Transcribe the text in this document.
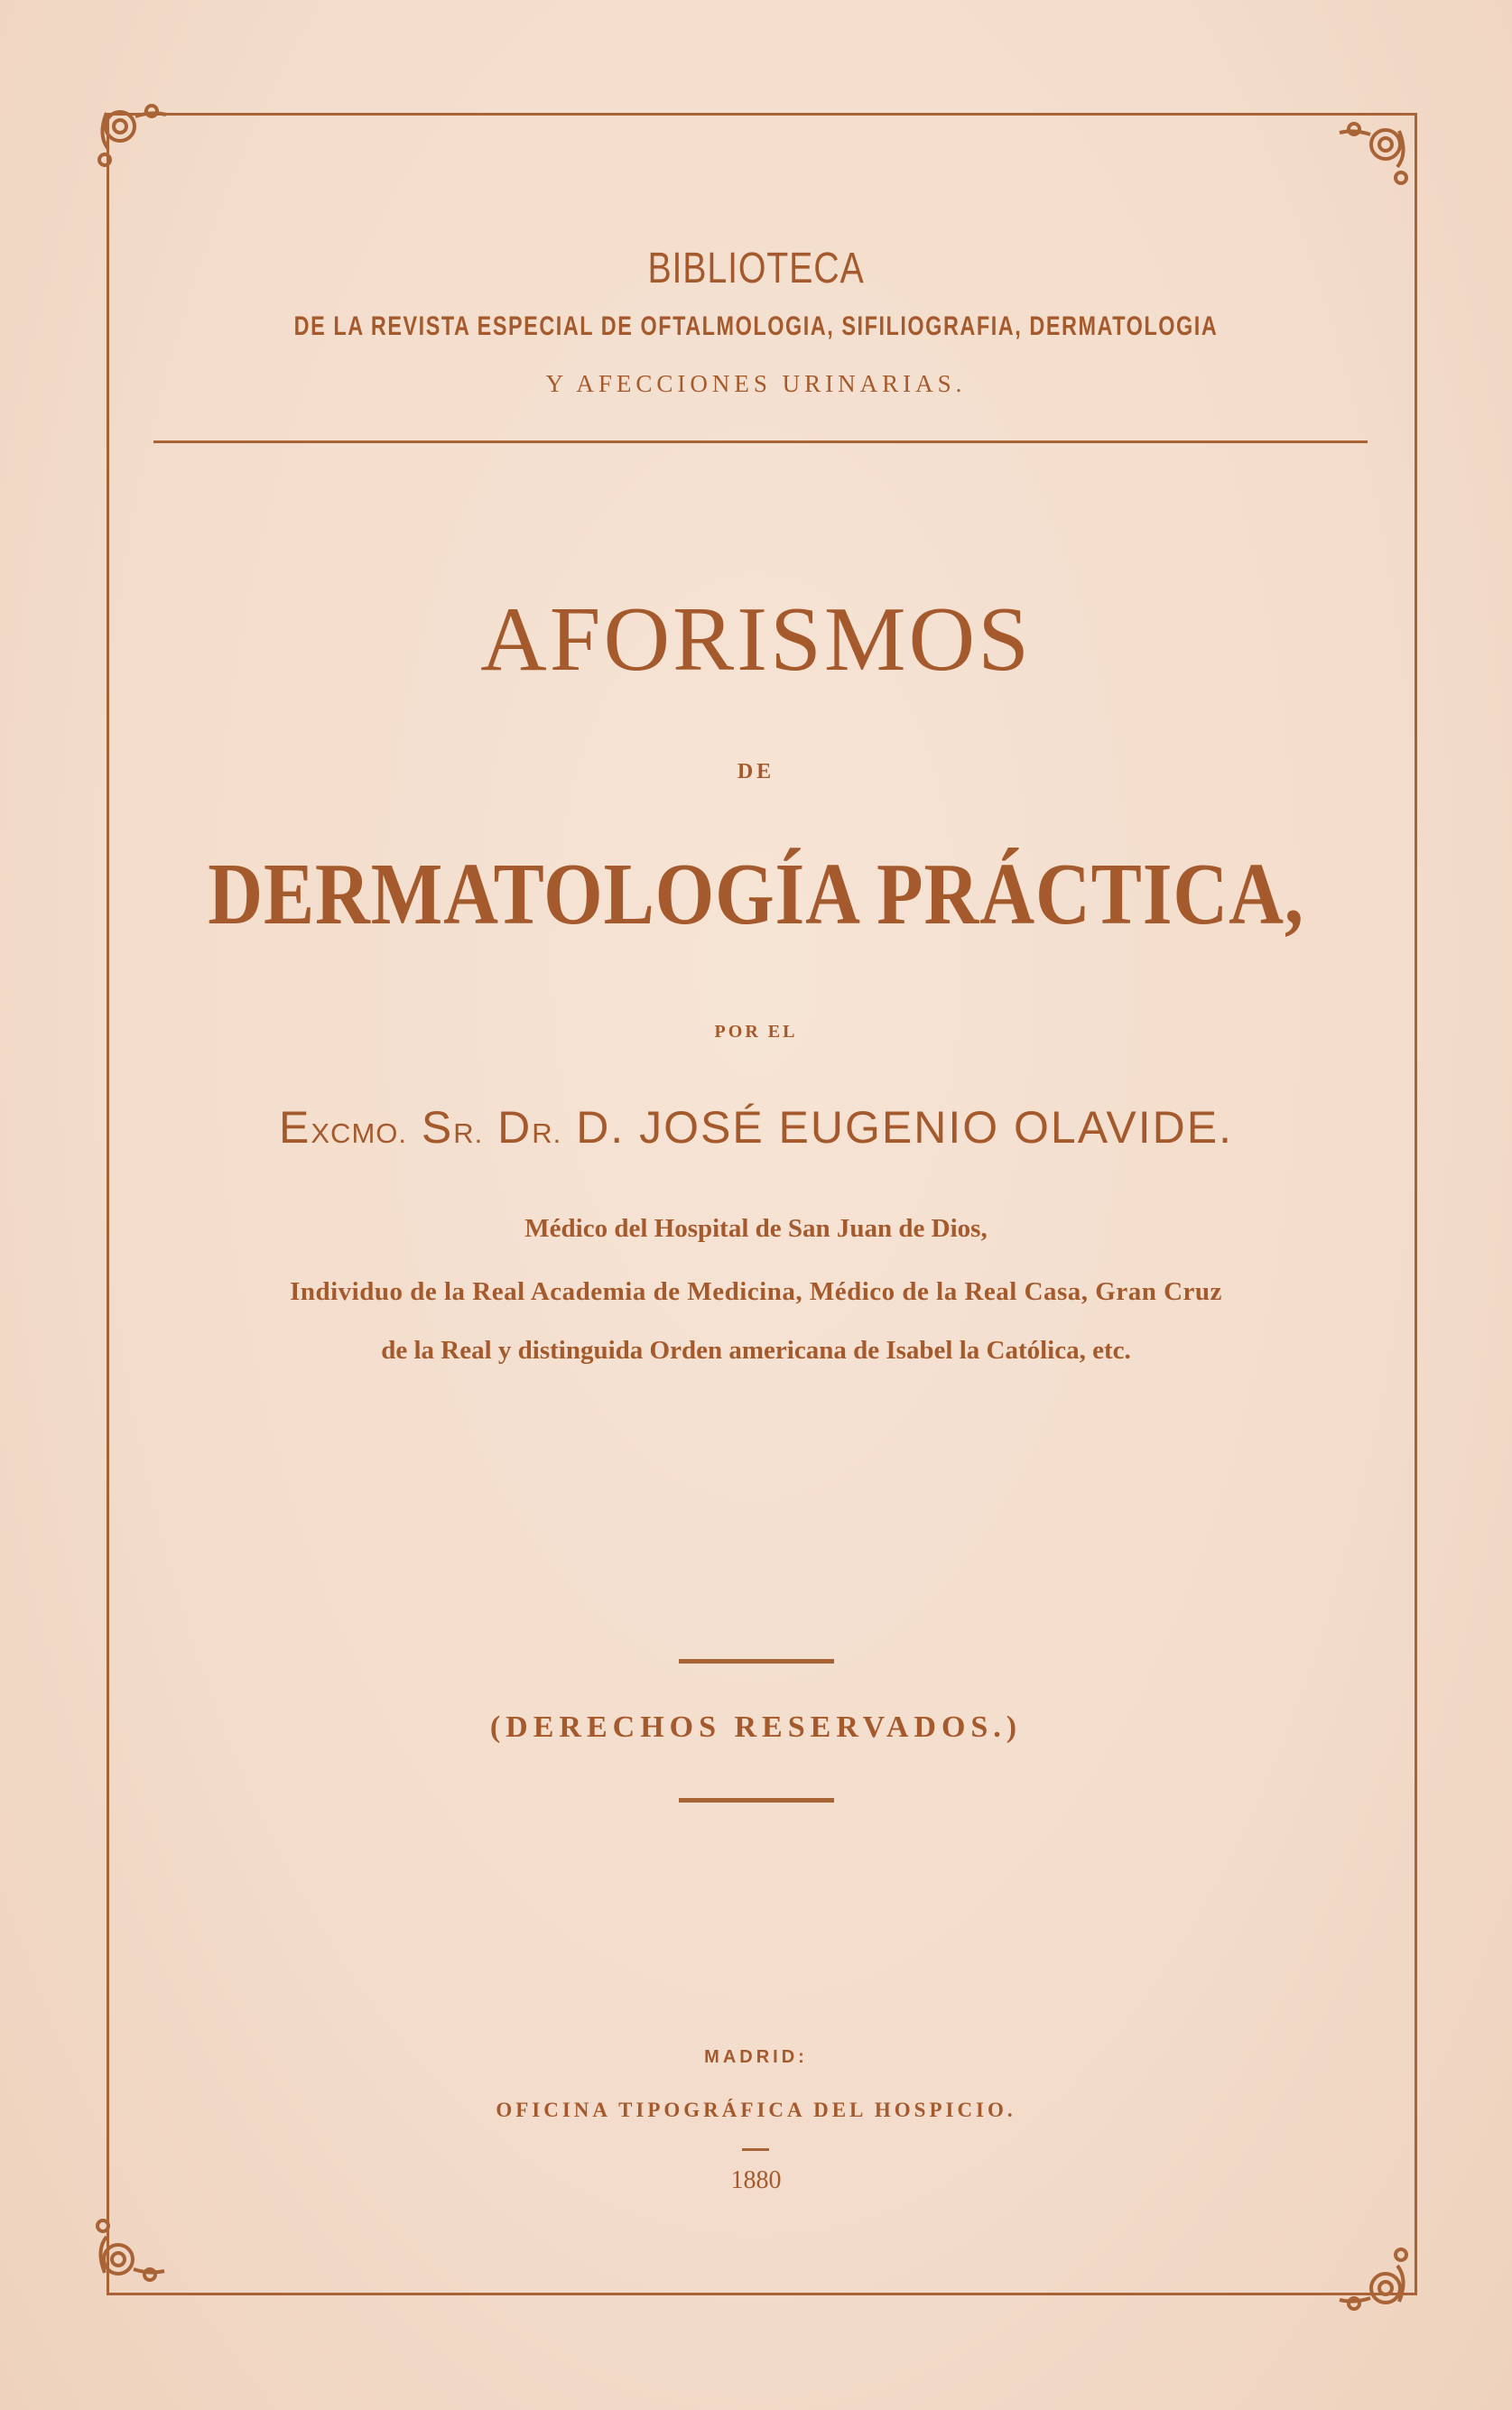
BIBLIOTECA

DE LA REVISTA ESPECIAL DE OFTALMOLOGIA, SIFILIOGRAFIA, DERMATOLOGIA

Y AFECCIONES URINARIAS.

AFORISMOS

DE

DERMATOLOGÍA PRÁCTICA,

POR EL

EXCMO. SR. DR. D. JOSÉ EUGENIO OLAVIDE.

Médico del Hospital de San Juan de Dios,

Individuo de la Real Academia de Medicina, Médico de la Real Casa, Gran Cruz

de la Real y distinguida Orden americana de Isabel la Católica, etc.

(DERECHOS RESERVADOS.)

MADRID:

OFICINA TIPOGRÁFICA DEL HOSPICIO.

1880
